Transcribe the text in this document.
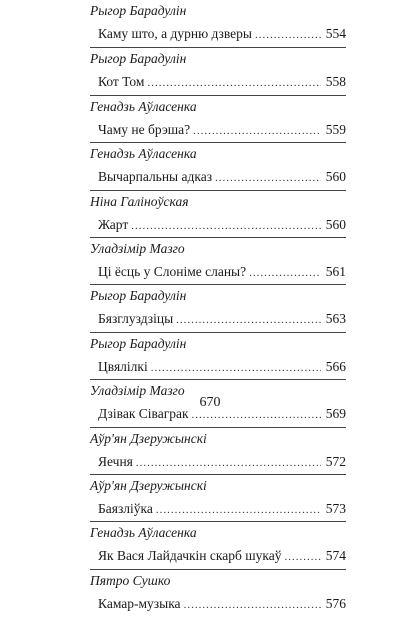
Рыгор Барадулін
Каму што, а дурню дзверы .....	554
Рыгор Барадулін
Кот Том .....	558
Генадзь Аўласенка
Чаму не брэша? .....	559
Генадзь Аўласенка
Вычарпальны адказ .....	560
Ніна Галіноўская
Жарт .....	560
Уладзімір Мазго
Ці ёсць у Слоніме сланы? .....	561
Рыгор Барадулін
Бязглуздзіцы .....	563
Рыгор Барадулін
Цвялілкі .....	566
Уладзімір Мазго
Дзівак Сіваграк .....	569
Аўр'ян Дзеружынскі
Яечня .....	572
Аўр'ян Дзеружынскі
Баязліўка .....	573
Генадзь Аўласенка
Як Вася Лайдачкін скарб шукаў .....	574
Пятро Сушко
Камар-музыка .....	576
670
